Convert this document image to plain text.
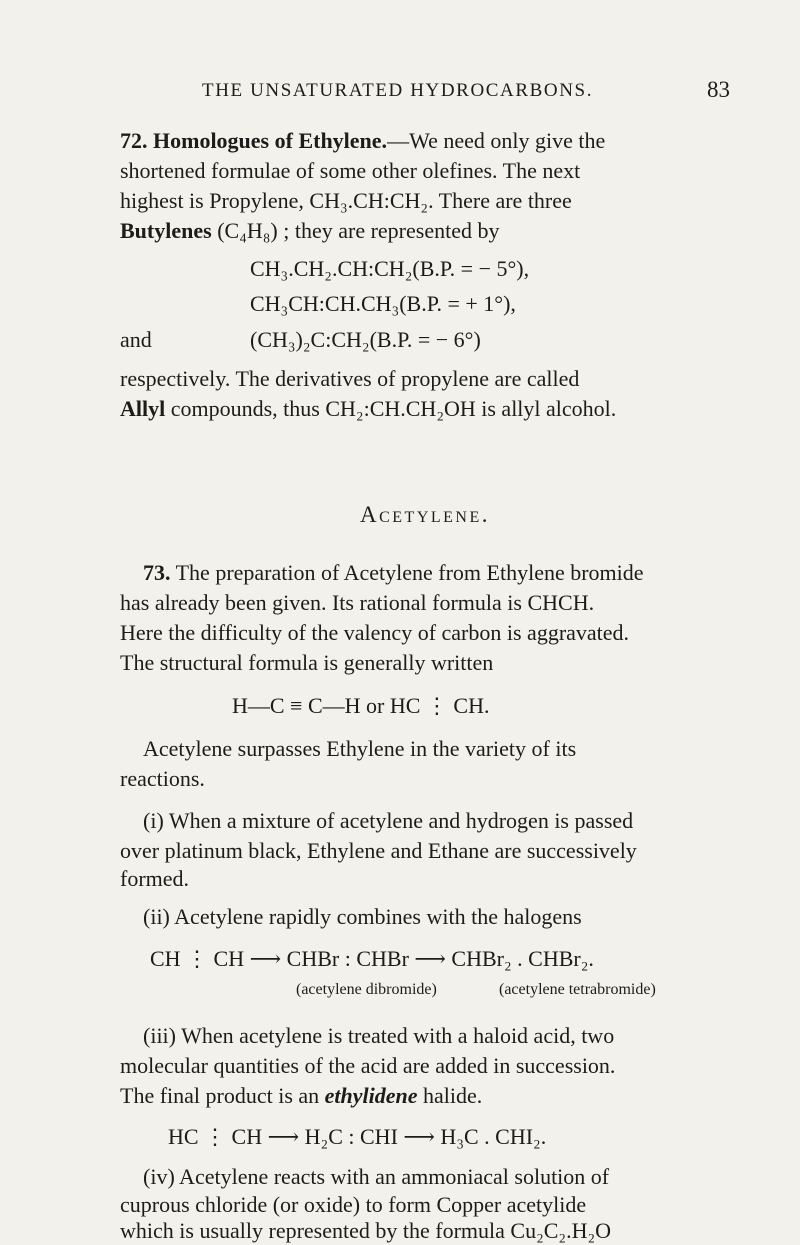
THE UNSATURATED HYDROCARBONS.	83
72. Homologues of Ethylene.—We need only give the
shortened formulae of some other olefines. The next
highest is Propylene, CH₃.CH:CH₂. There are three
Butylenes (C₄H₈) ; they are represented by
CH₃.CH₂.CH:CH₂(B.P. = − 5°),
CH₃CH:CH.CH₃(B.P. = + 1°),
and	(CH₃)₂C:CH₂(B.P. = − 6°)
respectively. The derivatives of propylene are called
Allyl compounds, thus CH₂:CH.CH₂OH is allyl alcohol.
Acetylene.
73. The preparation of Acetylene from Ethylene bromide
has already been given. Its rational formula is CHCH.
Here the difficulty of the valency of carbon is aggravated.
The structural formula is generally written
H—C ≡ C—H or HC ⋮ CH.
Acetylene surpasses Ethylene in the variety of its
reactions.
(i) When a mixture of acetylene and hydrogen is passed
over platinum black, Ethylene and Ethane are successively
formed.
(ii) Acetylene rapidly combines with the halogens
CH ⋮ CH ⟶ CHBr : CHBr ⟶ CHBr₂ . CHBr₂.
(acetylene dibromide)	(acetylene tetrabromide)
(iii) When acetylene is treated with a haloid acid, two
molecular quantities of the acid are added in succession.
The final product is an ethylidene halide.
HC ⋮ CH ⟶ H₂C : CHI ⟶ H₃C . CHI₂.
(iv) Acetylene reacts with an ammoniacal solution of
cuprous chloride (or oxide) to form Copper acetylide
which is usually represented by the formula Cu₂C₂.H₂O
